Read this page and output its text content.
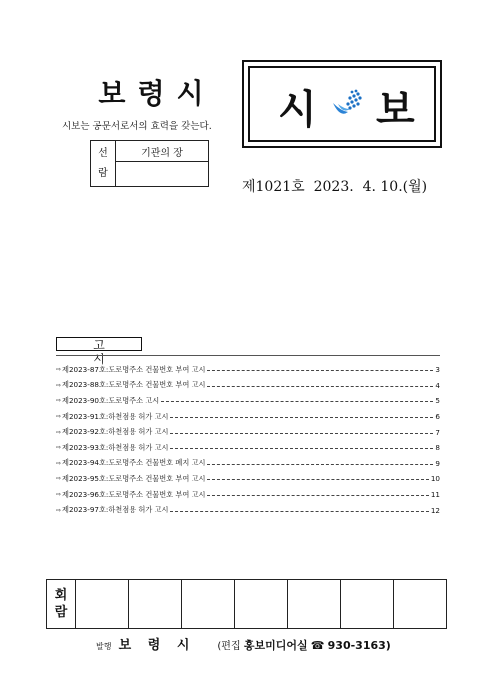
보령시
시보는 공문서로서의 효력을 갖는다.
선
람	기관의 장

시 보
제1021호 2023.  4. 10.(월)
고 시
⇨ 제2023-87호:도로명주소 건물번호 부여 고시	3
⇨ 제2023-88호:도로명주소 건물번호 부여 고시	4
⇨ 제2023-90호:도로명주소 고시	5
⇨ 제2023-91호:하천점용 허가 고시	6
⇨ 제2023-92호:하천점용 허가 고시	7
⇨ 제2023-93호:하천점용 허가 고시	8
⇨ 제2023-94호:도로명주소 건물번호 폐지 고시	9
⇨ 제2023-95호:도로명주소 건물번호 부여 고시	10
⇨ 제2023-96호:도로명주소 건물번호 부여 고시	11
⇨ 제2023-97호:하천점용 허가 고시	12
회
람							
발행 보 령 시 (편집 홍보미디어실 ☎ 930-3163)
